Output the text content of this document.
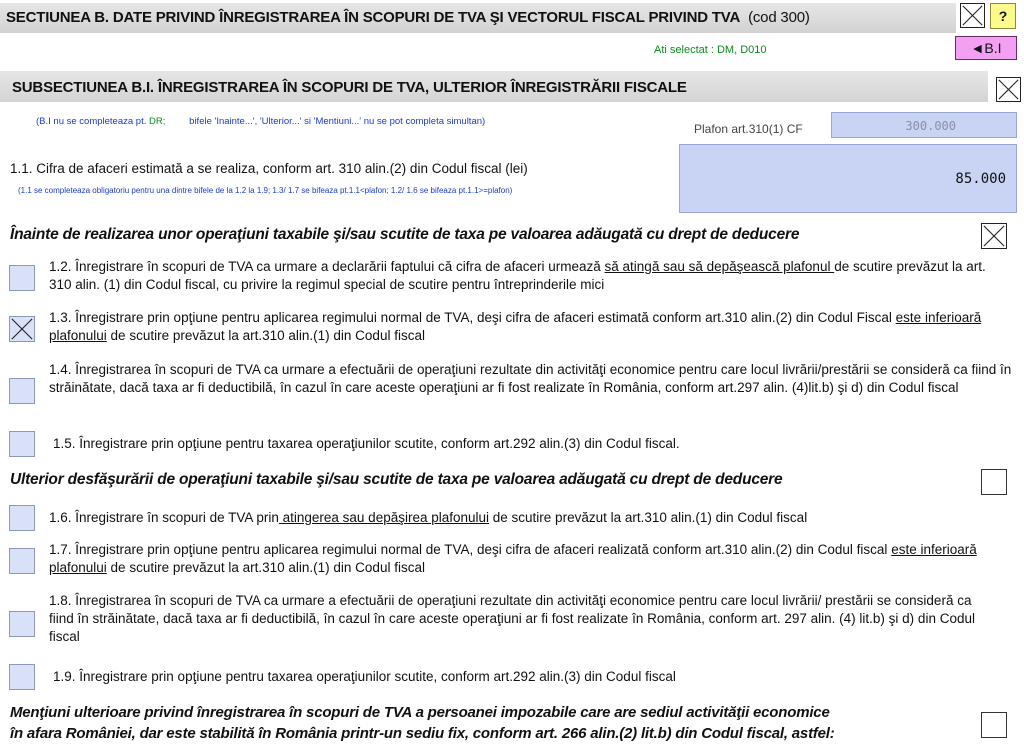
SECTIUNEA B. DATE PRIVIND ÎNREGISTRAREA ÎN SCOPURI DE TVA ŞI VECTORUL FISCAL PRIVIND TVA (cod 300)	?
Ati selectat : DM, D010	◄B.I
SUBSECTIUNEA B.I. ÎNREGISTRAREA ÎN SCOPURI DE TVA, ULTERIOR ÎNREGISTRĂRII FISCALE
(B.I nu se completeaza pt. DR;	bifele 'Inainte...', 'Ulterior...' si 'Mentiuni...' nu se pot completa simultan)
Plafon art.310(1) CF	300.000
1.1. Cifra de afaceri estimată a se realiza, conform art. 310 alin.(2) din Codul fiscal (lei)
(1.1 se completeaza obligatoriu pentru una dintre bifele de la 1.2 la 1.9; 1.3/ 1.7 se bifeaza pt.1.1<plafon; 1.2/ 1.6 se bifeaza pt.1.1>=plafon)
85.000
Înainte de realizarea unor operaţiuni taxabile şi/sau scutite de taxa pe valoarea adăugată cu drept de deducere
1.2. Înregistrare în scopuri de TVA ca urmare a declarării faptului că cifra de afaceri urmează să atingă sau să depăşească plafonul de scutire prevăzut la art. 310 alin. (1) din Codul fiscal, cu privire la regimul special de scutire pentru întreprinderile mici
1.3. Înregistrare prin opţiune pentru aplicarea regimului normal de TVA, deşi cifra de afaceri estimată conform art.310 alin.(2) din Codul Fiscal este inferioară plafonului de scutire prevăzut la art.310 alin.(1) din Codul fiscal
1.4. Înregistrarea în scopuri de TVA ca urmare a efectuării de operaţiuni rezultate din activităţi economice pentru care locul livrării/prestării se consideră ca fiind în străinătate, dacă taxa ar fi deductibilă, în cazul în care aceste operaţiuni ar fi fost realizate în România, conform art.297 alin. (4)lit.b) şi d) din Codul fiscal
1.5. Înregistrare prin opţiune pentru taxarea operaţiunilor scutite, conform art.292 alin.(3) din Codul fiscal.
Ulterior desfăşurării de operaţiuni taxabile şi/sau scutite de taxa pe valoarea adăugată cu drept de deducere
1.6. Înregistrare în scopuri de TVA prin atingerea sau depăşirea plafonului de scutire prevăzut la art.310 alin.(1) din Codul fiscal
1.7. Înregistrare prin opţiune pentru aplicarea regimului normal de TVA, deşi cifra de afaceri realizată conform art.310 alin.(2) din Codul fiscal este inferioară plafonului de scutire prevăzut la art.310 alin.(1) din Codul fiscal
1.8. Înregistrarea în scopuri de TVA ca urmare a efectuării de operaţiuni rezultate din activităţi economice pentru care locul livrării/ prestării se consideră ca fiind în străinătate, dacă taxa ar fi deductibilă, în cazul în care aceste operaţiuni ar fi fost realizate în România, conform art. 297 alin. (4) lit.b) şi d) din Codul fiscal
1.9. Înregistrare prin opţiune pentru taxarea operaţiunilor scutite, conform art.292 alin.(3) din Codul fiscal
Menţiuni ulterioare privind înregistrarea în scopuri de TVA a persoanei impozabile care are sediul activităţii economice
în afara României, dar este stabilită în România printr-un sediu fix, conform art. 266 alin.(2) lit.b) din Codul fiscal, astfel:
